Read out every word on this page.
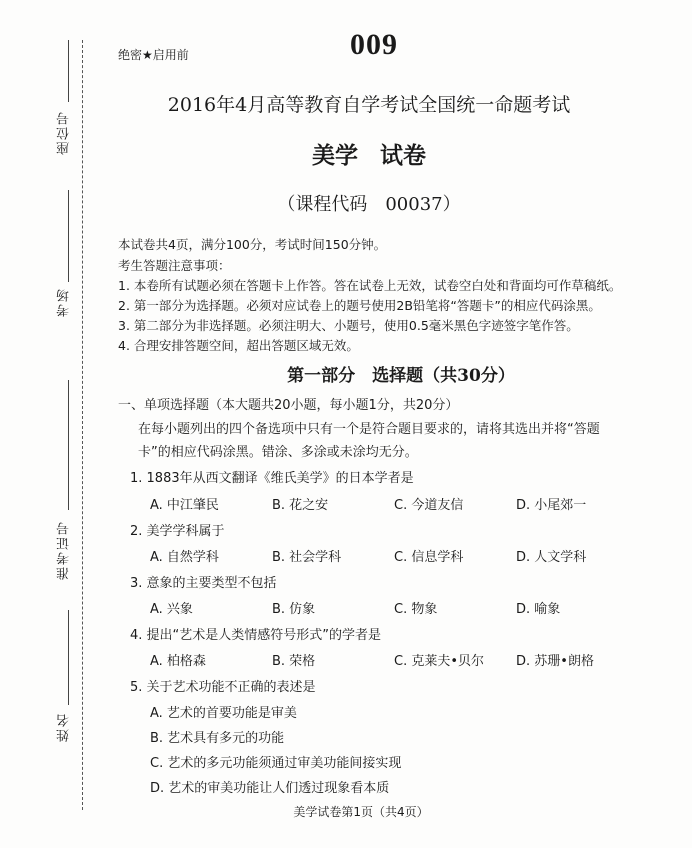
座位号
考场
准考证号
姓名
绝密★启用前	009
2016年4月高等教育自学考试全国统一命题考试
美学 试卷
（课程代码　00037）
本试卷共4页，满分100分，考试时间150分钟。
考生答题注意事项：
1. 本卷所有试题必须在答题卡上作答。答在试卷上无效，试卷空白处和背面均可作草稿纸。
2. 第一部分为选择题。必须对应试卷上的题号使用2B铅笔将“答题卡”的相应代码涂黑。
3. 第二部分为非选择题。必须注明大、小题号，使用0.5毫米黑色字迹签字笔作答。
4. 合理安排答题空间，超出答题区域无效。
第一部分　选择题（共30分）
一、单项选择题（本大题共20小题，每小题1分，共20分）
在每小题列出的四个备选项中只有一个是符合题目要求的，请将其选出并将“答题
卡”的相应代码涂黑。错涂、多涂或未涂均无分。
1. 1883年从西文翻译《维氏美学》的日本学者是
A. 中江肇民	B. 花之安	C. 今道友信	D. 小尾郊一
2. 美学学科属于
A. 自然学科	B. 社会学科	C. 信息学科	D. 人文学科
3. 意象的主要类型不包括
A. 兴象	B. 仿象	C. 物象	D. 喻象
4. 提出“艺术是人类情感符号形式”的学者是
A. 柏格森	B. 荣格	C. 克莱夫•贝尔 D. 苏珊•朗格
5. 关于艺术功能不正确的表述是
A. 艺术的首要功能是审美
B. 艺术具有多元的功能
C. 艺术的多元功能须通过审美功能间接实现
D. 艺术的审美功能让人们透过现象看本质
美学试卷第1页（共4页）
